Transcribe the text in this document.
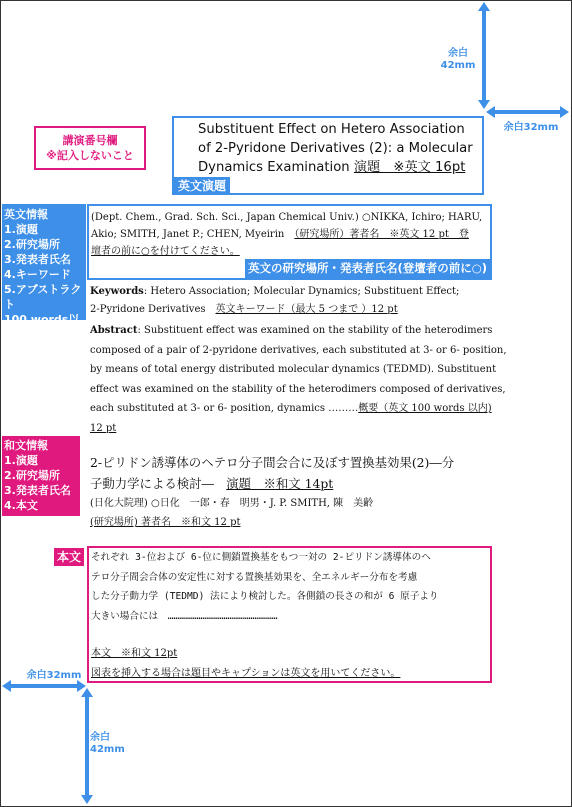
余白
42mm
余白32mm
講演番号欄
※記入しないこと
Substituent Effect on Hetero Association
of 2-Pyridone Derivatives (2): a Molecular
Dynamics Examination 演題　※英文 16pt
英文演題
英文情報
1.演題
2.研究場所
3.発表者氏名
4.キーワード
5.アブストラクト
100 words以内
(Dept. Chem., Grad. Sch. Sci., Japan Chemical Univ.) ○NIKKA, Ichiro; HARU,
Akio; SMITH, Janet P.; CHEN, Myeirin　 （研究場所）著者名　※英文 12 pt　登
壇者の前に○を付けてください。
英文の研究場所・発表者氏名(登壇者の前に○)
Keywords: Hetero Association; Molecular Dynamics; Substituent Effect;
2-Pyridone Derivatives　 英文キーワード（最大 5 つまで ）12 pt
Abstract: Substituent effect was examined on the stability of the heterodimers
composed of a pair of 2-pyridone derivatives, each substituted at 3- or 6- position,
by means of total energy distributed molecular dynamics (TEDMD). Substituent
effect was examined on the stability of the heterodimers composed of derivatives,
each substituted at 3- or 6- position, dynamics ………概要（英文 100 words 以内)
12 pt
和文情報
1.演題
2.研究場所
3.発表者氏名
4.本文
2-ピリドン誘導体のヘテロ分子間会合に及ぼす置換基効果(2)―分
子動力学による検討―　 演題　※和文 14pt
(日化大院理) ○日化　一郎・春　明男・J. P. SMITH, 陳　美齢
(研究場所) 著者名　※和文 12 pt
本文	それぞれ 3-位および 6-位に側鎖置換基をもつ一対の 2-ピリドン誘導体のヘ
テロ分子間会合体の安定性に対する置換基効果を、全エネルギー分布を考慮
した分子動力学 (TEDMD) 法により検討した。各側鎖の長さの和が 6 原子より
大きい場合には　…………………………………………………
本文　※和文 12pt
図表を挿入する場合は題目やキャプションは英文を用いてください。
余白32mm
余白
42mm
